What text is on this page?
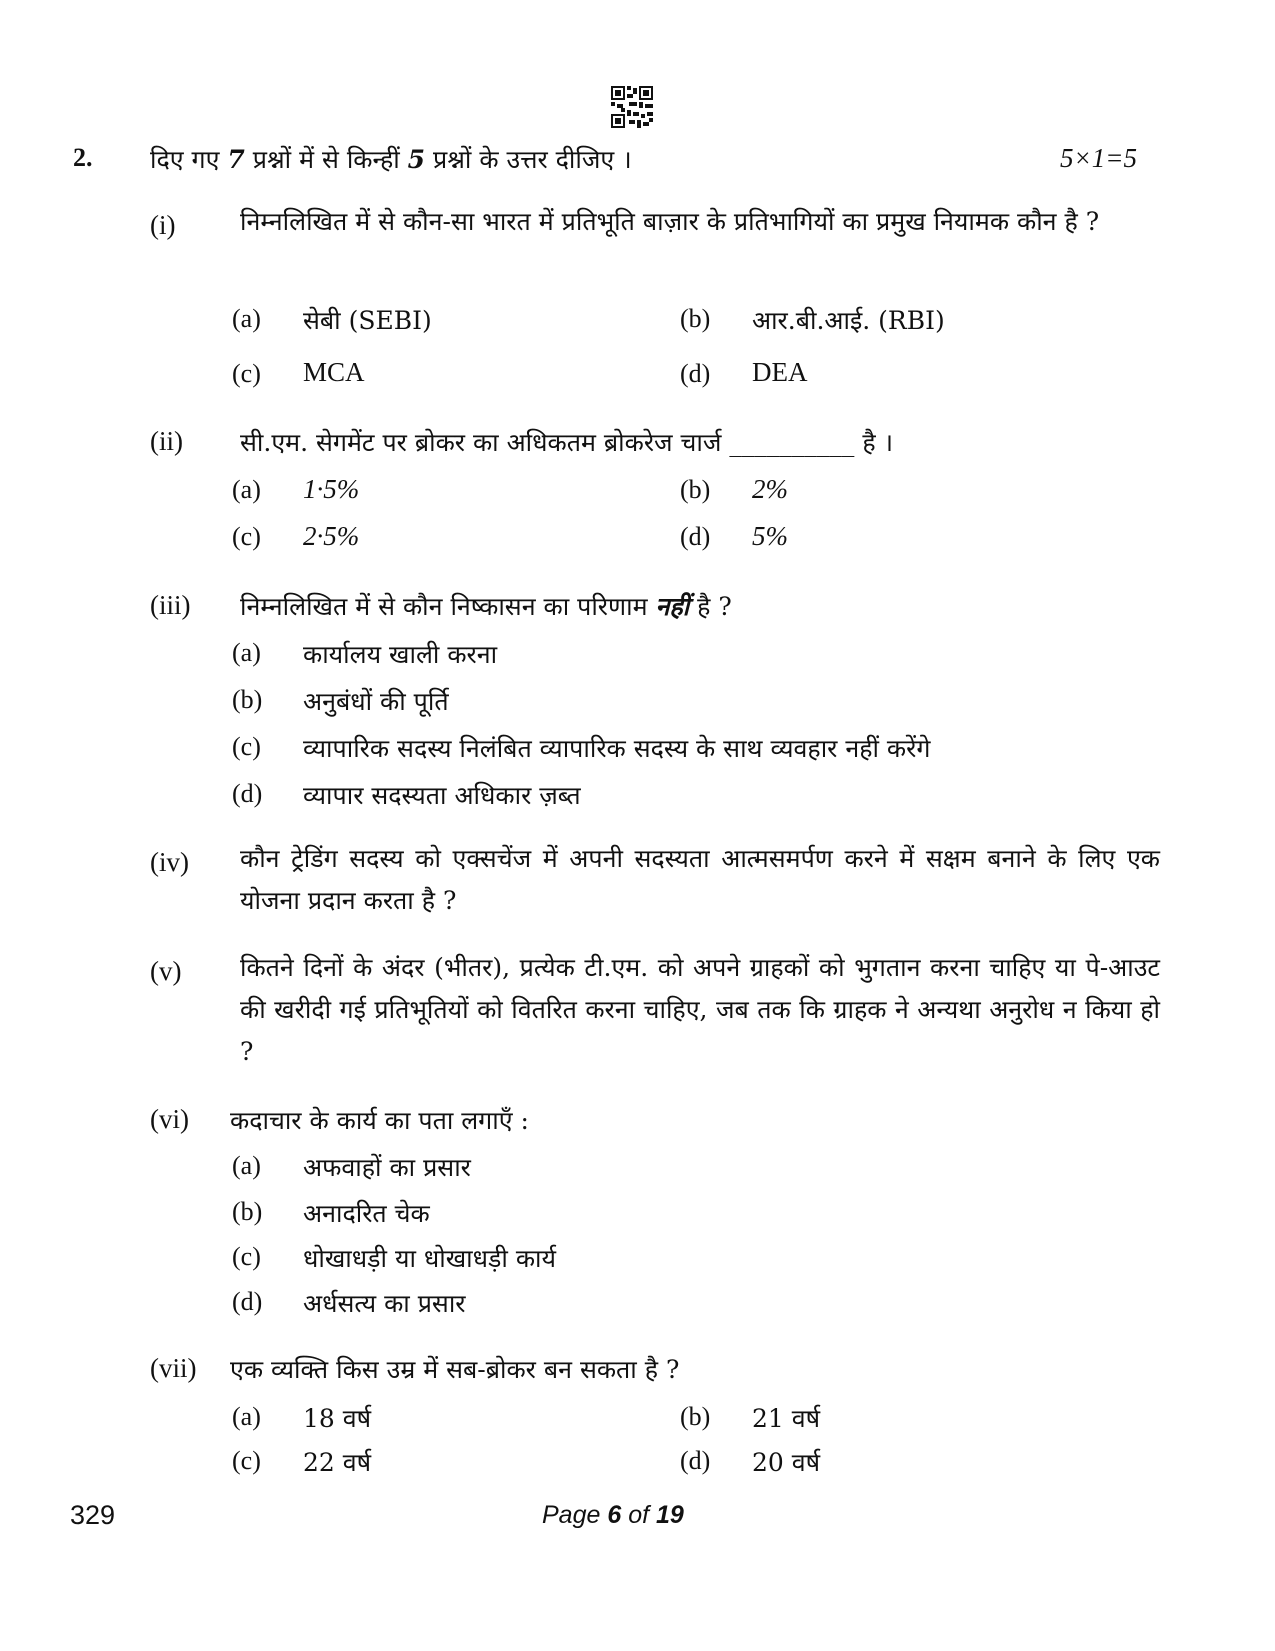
2. दिए गए 7 प्रश्नों में से किन्हीं 5 प्रश्नों के उत्तर दीजिए ।	5×1=5
(i)	निम्नलिखित में से कौन-सा भारत में प्रतिभूति बाज़ार के प्रतिभागियों का प्रमुख नियामक कौन है ?
(a) सेबी (SEBI)	(b) आर.बी.आई. (RBI)
(c) MCA	(d) DEA
(ii) सी.एम. सेगमेंट पर ब्रोकर का अधिकतम ब्रोकरेज चार्ज __________ है ।
(a) 1·5%	(b) 2%
(c) 2·5%	(d) 5%
(iii) निम्नलिखित में से कौन निष्कासन का परिणाम नहीं है ?
(a) कार्यालय खाली करना
(b) अनुबंधों की पूर्ति
(c) व्यापारिक सदस्य निलंबित व्यापारिक सदस्य के साथ व्यवहार नहीं करेंगे
(d) व्यापार सदस्यता अधिकार ज़ब्त
(iv) कौन ट्रेडिंग सदस्य को एक्सचेंज में अपनी सदस्यता आत्मसमर्पण करने में सक्षम बनाने के लिए एक योजना प्रदान करता है ?
(v) कितने दिनों के अंदर (भीतर), प्रत्येक टी.एम. को अपने ग्राहकों को भुगतान करना चाहिए या पे-आउट की खरीदी गई प्रतिभूतियों को वितरित करना चाहिए, जब तक कि ग्राहक ने अन्यथा अनुरोध न किया हो ?
(vi) कदाचार के कार्य का पता लगाएँ :
(a) अफवाहों का प्रसार
(b) अनादरित चेक
(c) धोखाधड़ी या धोखाधड़ी कार्य
(d) अर्धसत्य का प्रसार
(vii) एक व्यक्ति किस उम्र में सब-ब्रोकर बन सकता है ?
(a) 18 वर्ष	(b) 21 वर्ष
(c) 22 वर्ष	(d) 20 वर्ष
329	Page 6 of 19
